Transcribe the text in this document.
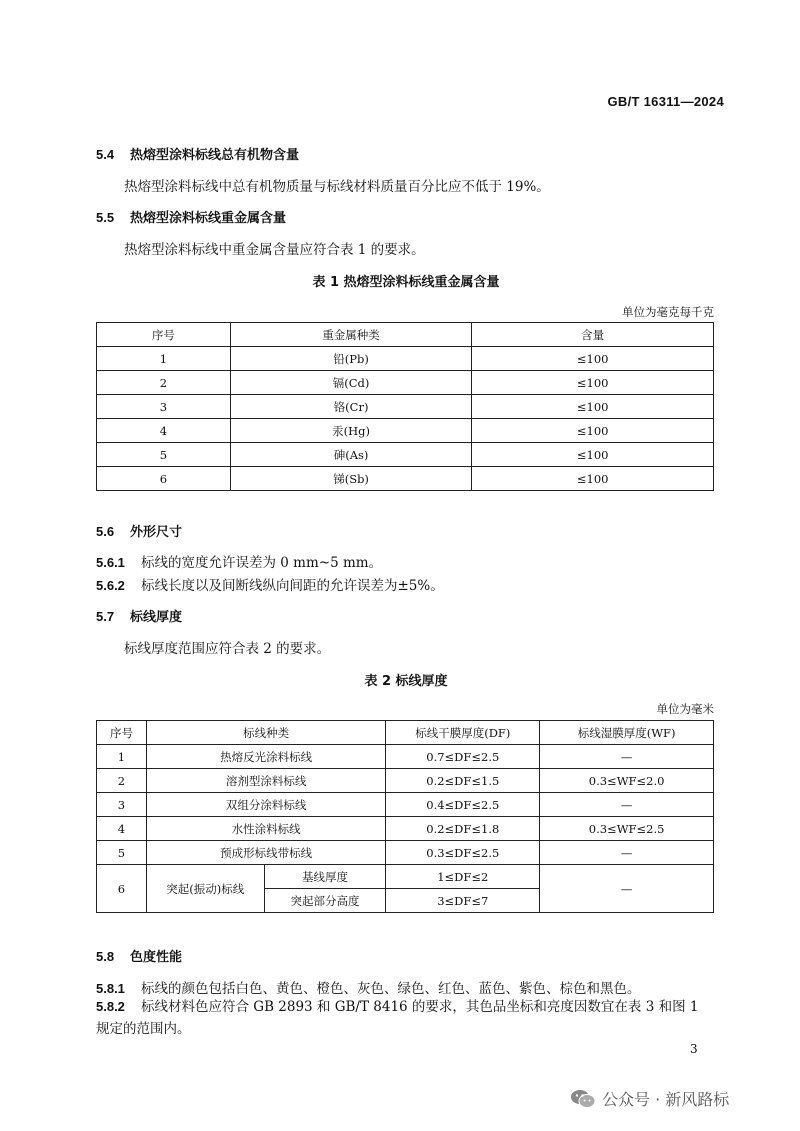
GB/T 16311—2024
5.4 热熔型涂料标线总有机物含量
热熔型涂料标线中总有机物质量与标线材料质量百分比应不低于 19%。
5.5 热熔型涂料标线重金属含量
热熔型涂料标线中重金属含量应符合表 1 的要求。
表 1 热熔型涂料标线重金属含量
单位为毫克每千克
序号	重金属种类	含量
1	铅(Pb)	≤100
2	镉(Cd)	≤100
3	铬(Cr)	≤100
4	汞(Hg)	≤100
5	砷(As)	≤100
6	锑(Sb)	≤100
5.6 外形尺寸
5.6.1 标线的宽度允许误差为 0 mm~5 mm。
5.6.2 标线长度以及间断线纵向间距的允许误差为±5%。
5.7 标线厚度
标线厚度范围应符合表 2 的要求。
表 2 标线厚度
单位为毫米
序号	标线种类		标线干膜厚度(DF)	标线湿膜厚度(WF)
1	热熔反光涂料标线		0.7≤DF≤2.5	—
2	溶剂型涂料标线		0.2≤DF≤1.5	0.3≤WF≤2.0
3	双组分涂料标线		0.4≤DF≤2.5	—
4	水性涂料标线		0.2≤DF≤1.8	0.3≤WF≤2.5
5	预成形标线带标线		0.3≤DF≤2.5	—
6	突起(振动)标线	基线厚度	1≤DF≤2	—
		突起部分高度	3≤DF≤7	
5.8 色度性能
5.8.1 标线的颜色包括白色、黄色、橙色、灰色、绿色、红色、蓝色、紫色、棕色和黑色。
5.8.2 标线材料色应符合 GB 2893 和 GB/T 8416 的要求，其色品坐标和亮度因数宜在表 3 和图 1 规定的范围内。
3
公众号 · 新风路标
